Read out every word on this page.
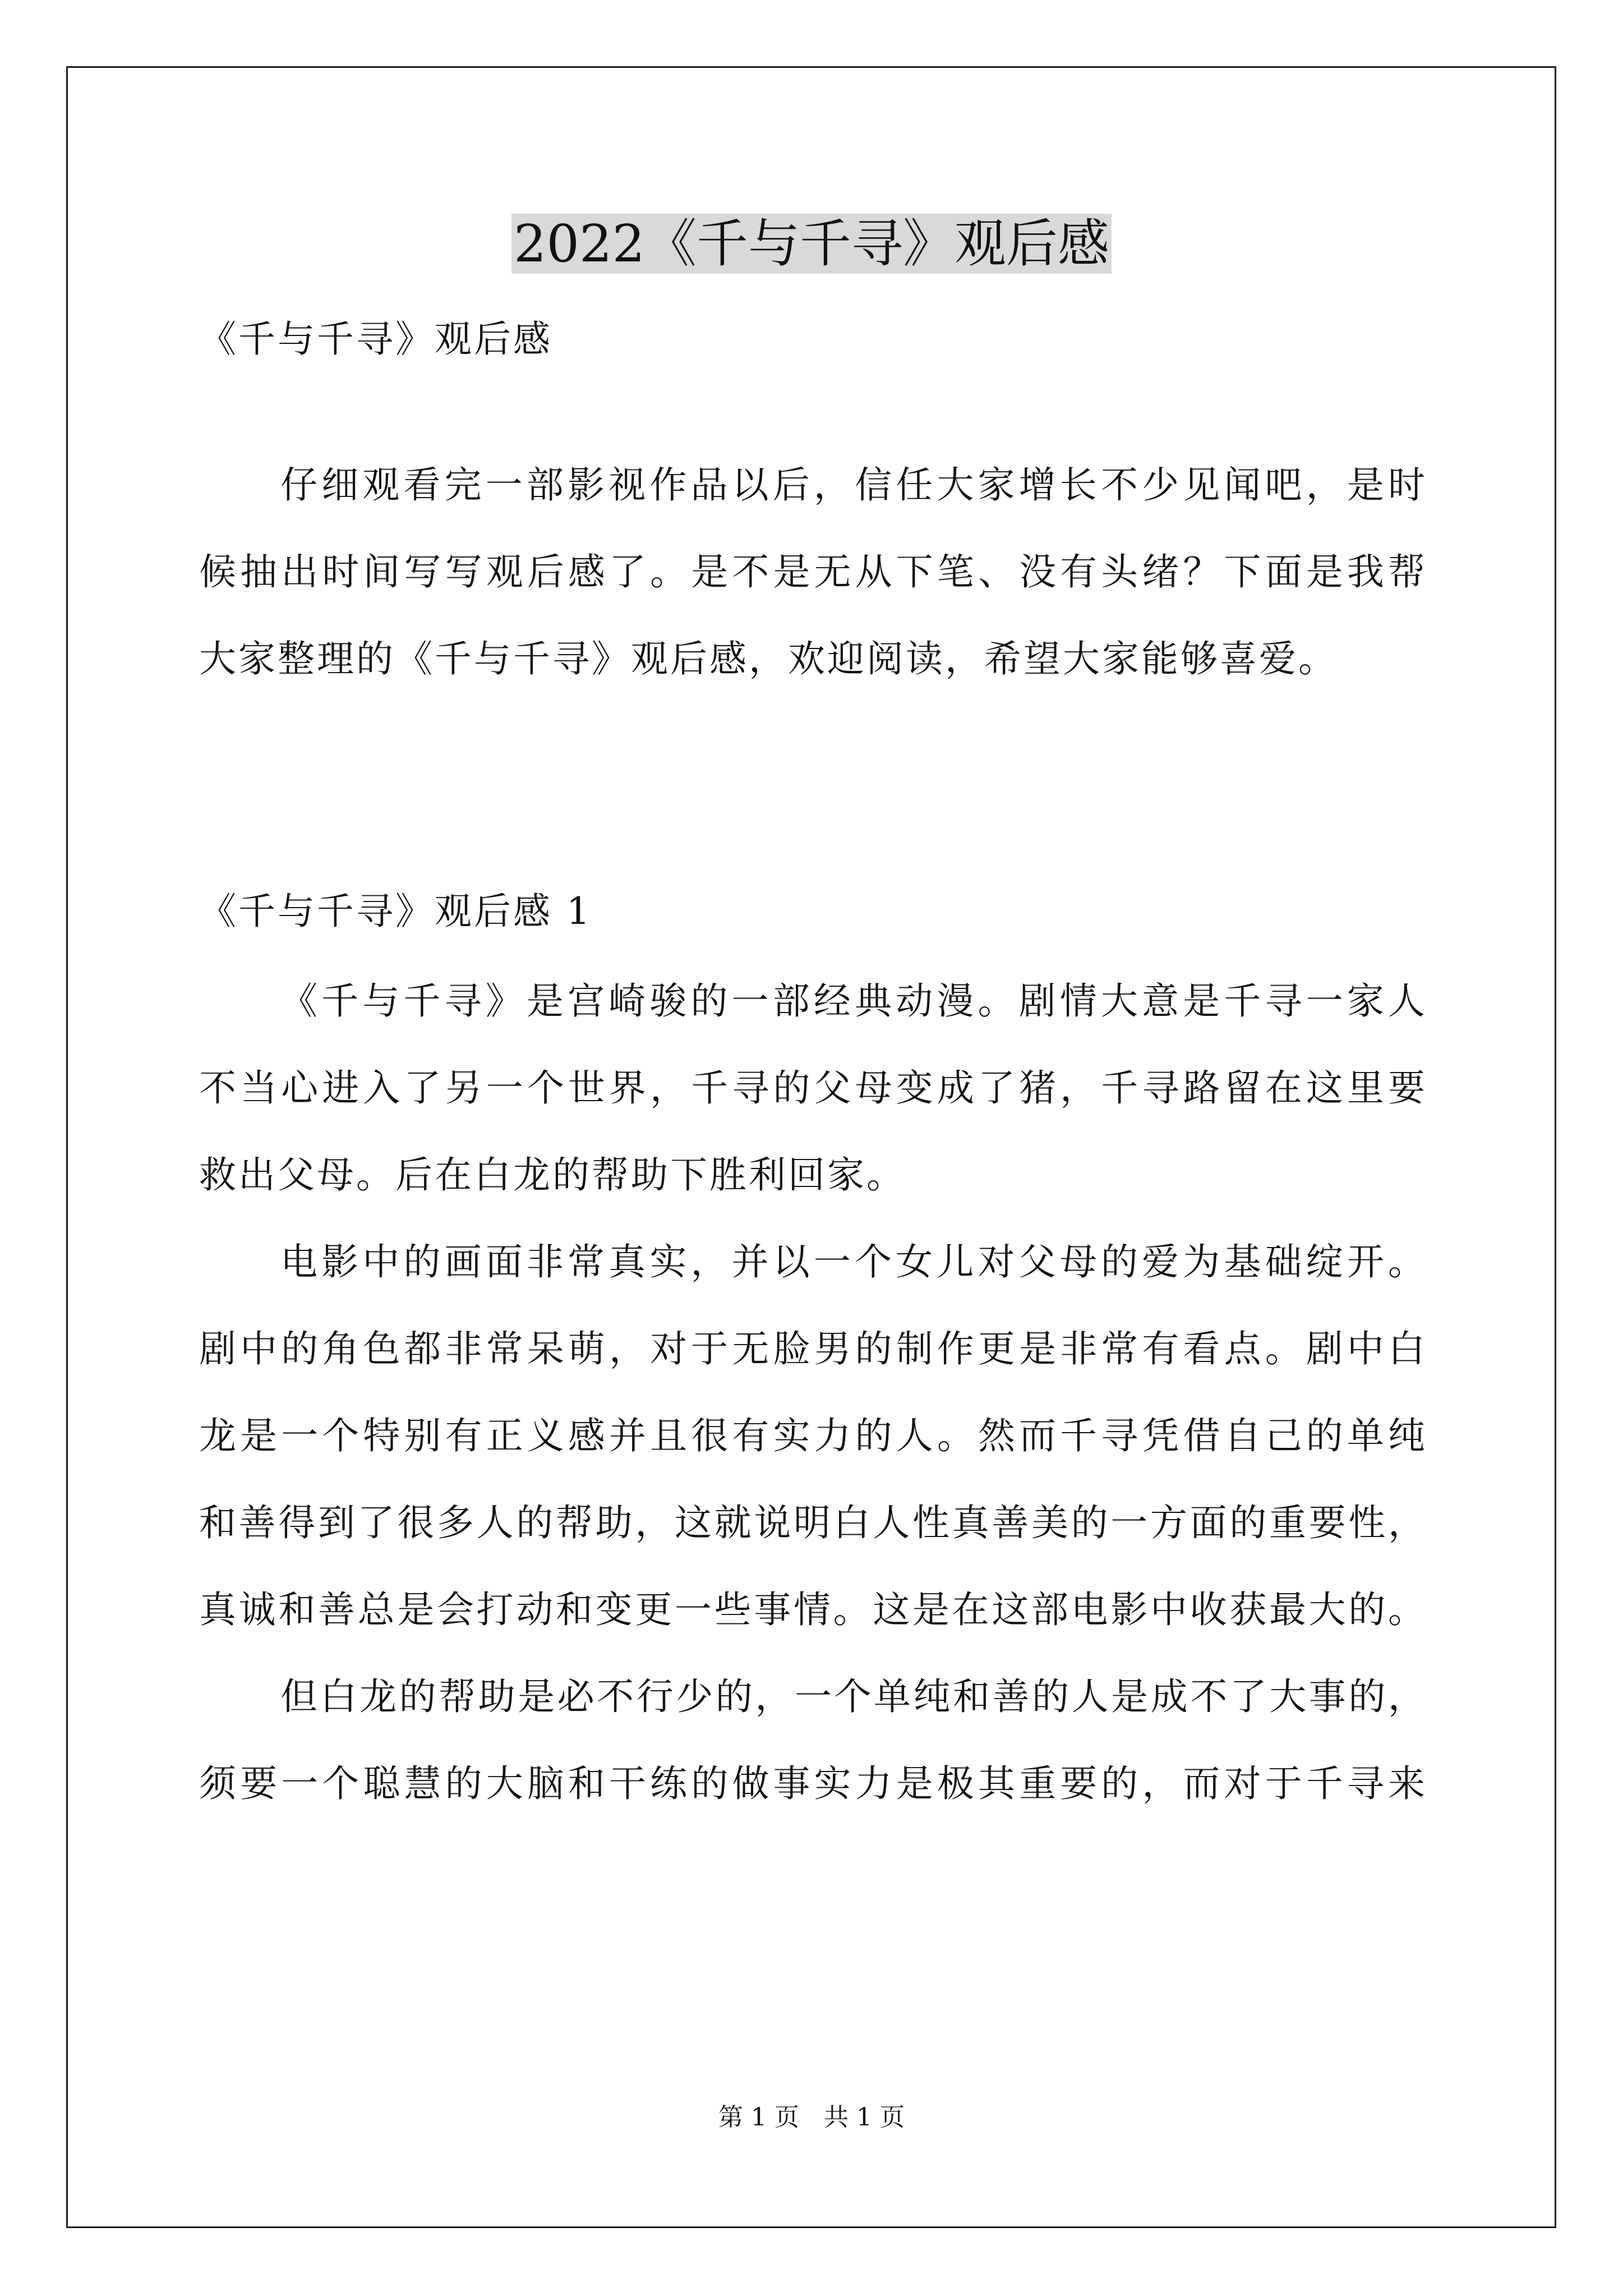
2022《千与千寻》观后感
《千与千寻》观后感
仔细观看完一部影视作品以后，信任大家增长不少见闻吧，是时
候抽出时间写写观后感了。是不是无从下笔、没有头绪？下面是我帮
大家整理的《千与千寻》观后感，欢迎阅读，希望大家能够喜爱。
《千与千寻》观后感 1
《千与千寻》是宫崎骏的一部经典动漫。剧情大意是千寻一家人
不当心进入了另一个世界，千寻的父母变成了猪，千寻路留在这里要
救出父母。后在白龙的帮助下胜利回家。
电影中的画面非常真实，并以一个女儿对父母的爱为基础绽开。
剧中的角色都非常呆萌，对于无脸男的制作更是非常有看点。剧中白
龙是一个特别有正义感并且很有实力的人。然而千寻凭借自己的单纯
和善得到了很多人的帮助，这就说明白人性真善美的一方面的重要性，
真诚和善总是会打动和变更一些事情。这是在这部电影中收获最大的。
但白龙的帮助是必不行少的，一个单纯和善的人是成不了大事的，
须要一个聪慧的大脑和干练的做事实力是极其重要的，而对于千寻来
第 1 页　共 1 页
